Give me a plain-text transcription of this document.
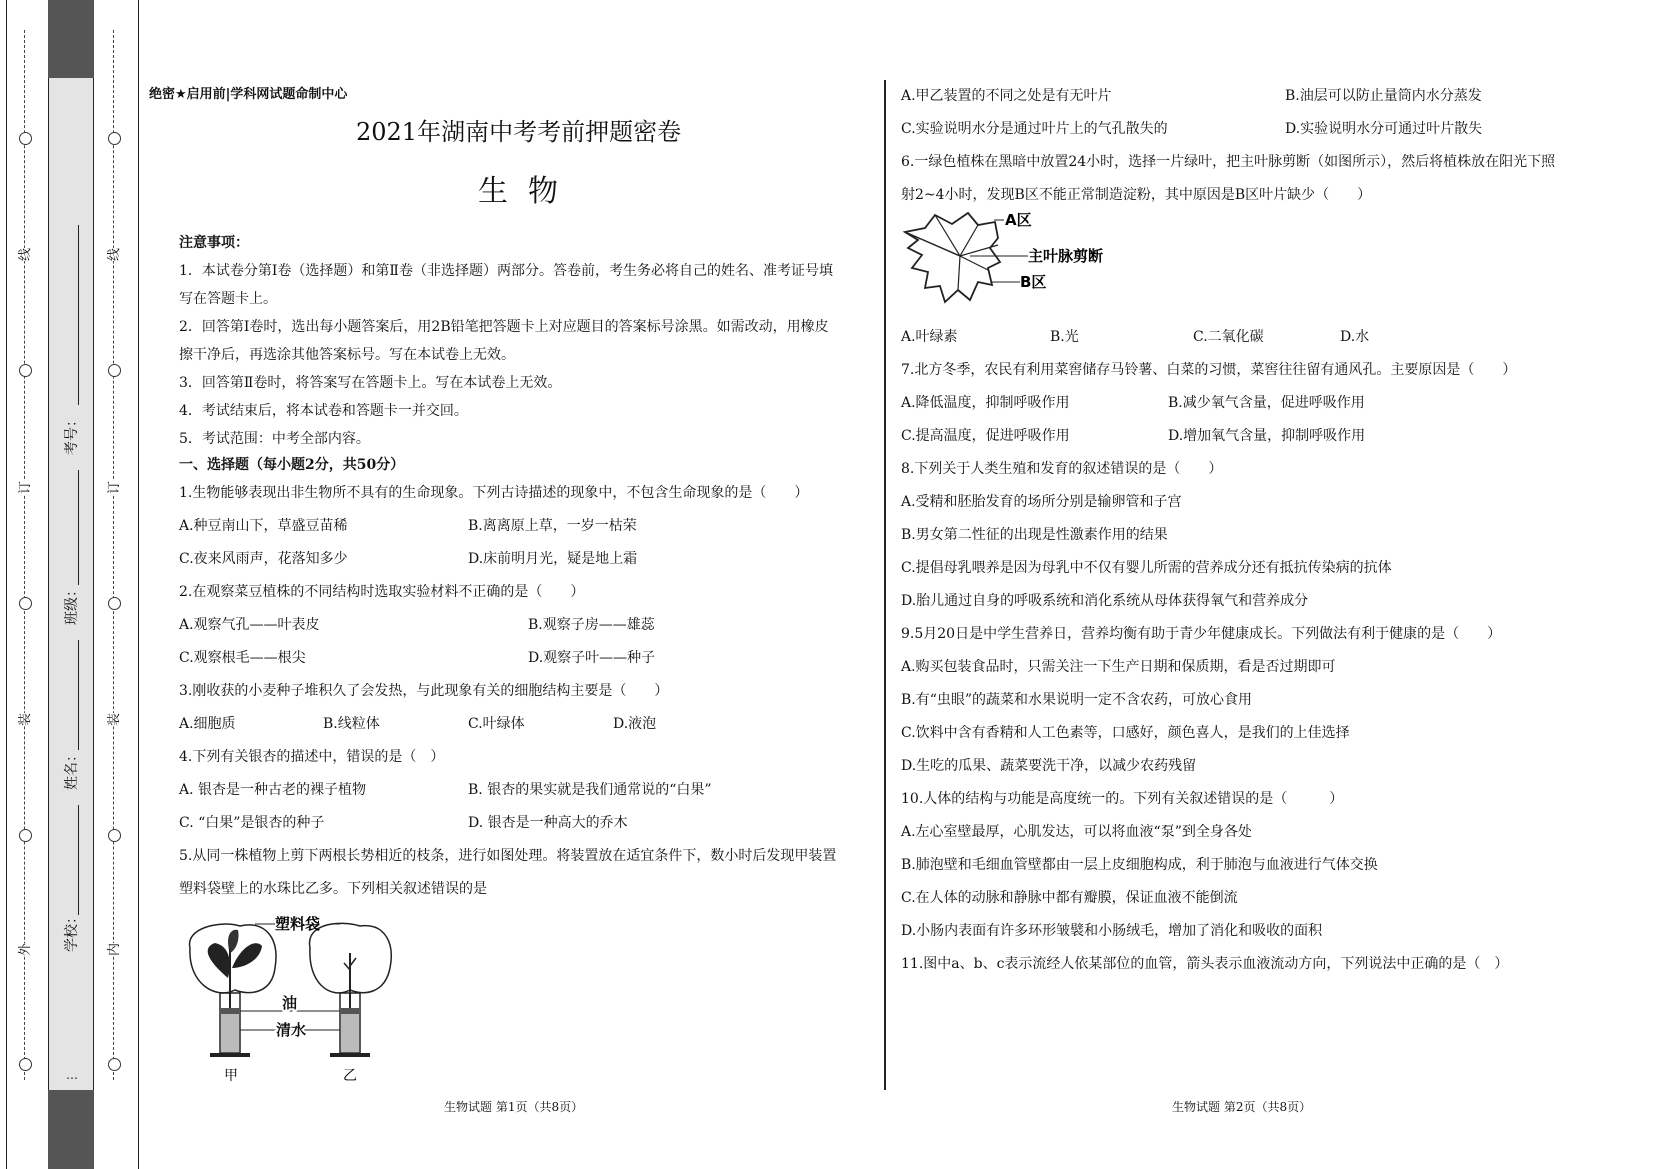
线
订
装
外
线
订
装
内
考号：
班级：
姓名：
学校：
…
绝密★启用前|学科网试题命制中心
2021年湖南中考考前押题密卷
生物
注意事项：
1．本试卷分第Ⅰ卷（选择题）和第Ⅱ卷（非选择题）两部分。答卷前，考生务必将自己的姓名、准考证号填
写在答题卡上。
2．回答第Ⅰ卷时，选出每小题答案后，用2B铅笔把答题卡上对应题目的答案标号涂黑。如需改动，用橡皮
擦干净后，再选涂其他答案标号。写在本试卷上无效。
3．回答第Ⅱ卷时，将答案写在答题卡上。写在本试卷上无效。
4．考试结束后，将本试卷和答题卡一并交回。
5．考试范围：中考全部内容。
一、选择题（每小题2分，共50分）
1.生物能够表现出非生物所不具有的生命现象。下列古诗描述的现象中，不包含生命现象的是（　　）
A.种豆南山下，草盛豆苗稀	B.离离原上草，一岁一枯荣
C.夜来风雨声，花落知多少	D.床前明月光，疑是地上霜
2.在观察菜豆植株的不同结构时选取实验材料不正确的是（　　）
A.观察气孔——叶表皮	B.观察子房——雄蕊
C.观察根毛——根尖	D.观察子叶——种子
3.刚收获的小麦种子堆积久了会发热，与此现象有关的细胞结构主要是（　　）
A.细胞质	B.线粒体	C.叶绿体	D.液泡
4.下列有关银杏的描述中，错误的是（　）
A. 银杏是一种古老的裸子植物	B. 银杏的果实就是我们通常说的“白果”
C. “白果”是银杏的种子	D. 银杏是一种高大的乔木
5.从同一株植物上剪下两根长势相近的枝条，进行如图处理。将装置放在适宜条件下，数小时后发现甲装置
塑料袋壁上的水珠比乙多。下列相关叙述错误的是
塑料袋
油
清水
甲	乙
生物试题 第1页（共8页）
A.甲乙装置的不同之处是有无叶片	B.油层可以防止量筒内水分蒸发
C.实验说明水分是通过叶片上的气孔散失的	D.实验说明水分可通过叶片散失
6.一绿色植株在黑暗中放置24小时，选择一片绿叶，把主叶脉剪断（如图所示），然后将植株放在阳光下照
射2~4小时，发现B区不能正常制造淀粉，其中原因是B区叶片缺少（　　）
A区
主叶脉剪断
B区
A.叶绿素	B.光	C.二氧化碳	D.水
7.北方冬季，农民有利用菜窖储存马铃薯、白菜的习惯，菜窖往往留有通风孔。主要原因是（　　）
A.降低温度，抑制呼吸作用	B.减少氧气含量，促进呼吸作用
C.提高温度，促进呼吸作用	D.增加氧气含量，抑制呼吸作用
8.下列关于人类生殖和发育的叙述错误的是（　　）
A.受精和胚胎发育的场所分别是输卵管和子宫
B.男女第二性征的出现是性激素作用的结果
C.提倡母乳喂养是因为母乳中不仅有婴儿所需的营养成分还有抵抗传染病的抗体
D.胎儿通过自身的呼吸系统和消化系统从母体获得氧气和营养成分
9.5月20日是中学生营养日，营养均衡有助于青少年健康成长。下列做法有利于健康的是（　　）
A.购买包装食品时，只需关注一下生产日期和保质期，看是否过期即可
B.有“虫眼”的蔬菜和水果说明一定不含农药，可放心食用
C.饮料中含有香精和人工色素等，口感好，颜色喜人，是我们的上佳选择
D.生吃的瓜果、蔬菜要洗干净，以减少农药残留
10.人体的结构与功能是高度统一的。下列有关叙述错误的是（　　　）
A.左心室壁最厚，心肌发达，可以将血液“泵”到全身各处
B.肺泡壁和毛细血管壁都由一层上皮细胞构成，利于肺泡与血液进行气体交换
C.在人体的动脉和静脉中都有瓣膜，保证血液不能倒流
D.小肠内表面有许多环形皱襞和小肠绒毛，增加了消化和吸收的面积
11.图中a、b、c表示流经人依某部位的血管，箭头表示血液流动方向，下列说法中正确的是（　）
生物试题 第2页（共8页）
